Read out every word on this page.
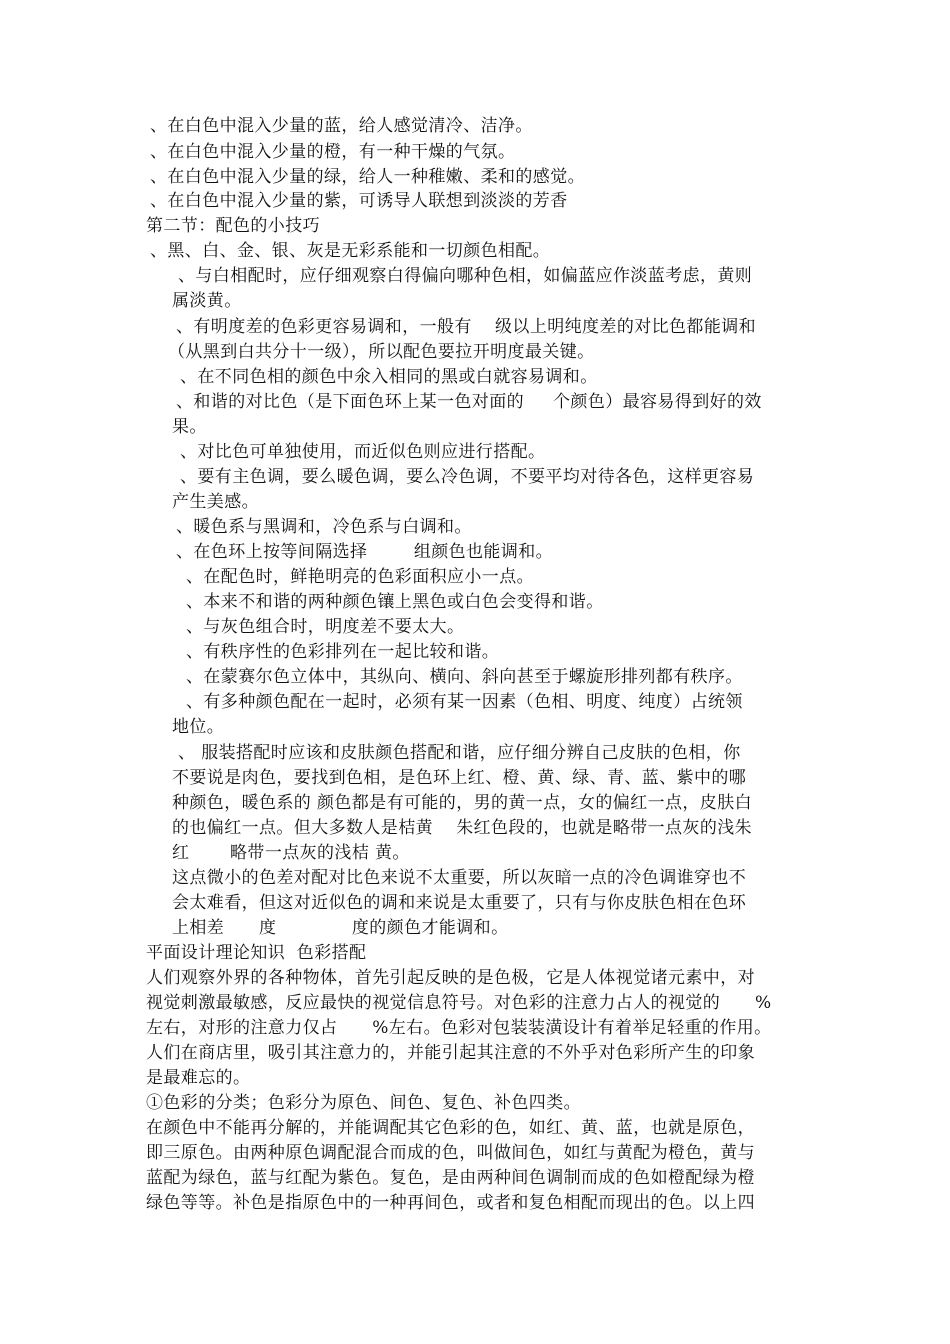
、在白色中混入少量的蓝，给人感觉清冷、洁净。
、在白色中混入少量的橙，有一种干燥的气氛。
、在白色中混入少量的绿，给人一种稚嫩、柔和的感觉。
、在白色中混入少量的紫，可诱导人联想到淡淡的芳香
第二节：配色的小技巧
、黑、白、金、银、灰是无彩系能和一切颜色相配。
、与白相配时，应仔细观察白得偏向哪种色相，如偏蓝应作淡蓝考虑，黄则
属淡黄。
、有明度差的色彩更容易调和，一般有    级以上明纯度差的对比色都能调和
（从黑到白共分十一级），所以配色要拉开明度最关键。
、在不同色相的颜色中氽入相同的黑或白就容易调和。
、和谐的对比色（是下面色环上某一色对面的     个颜色）最容易得到好的效
果。
、对比色可单独使用，而近似色则应进行搭配。
、要有主色调，要么暖色调，要么冷色调，不要平均对待各色，这样更容易
产生美感。
、暖色系与黑调和，冷色系与白调和。
、在色环上按等间隔选择        组颜色也能调和。
、在配色时，鲜艳明亮的色彩面积应小一点。
、本来不和谐的两种颜色镶上黑色或白色会变得和谐。
、与灰色组合时，明度差不要太大。
、有秩序性的色彩排列在一起比较和谐。
、在蒙赛尔色立体中，其纵向、横向、斜向甚至于螺旋形排列都有秩序。
、有多种颜色配在一起时，必须有某一因素（色相、明度、纯度）占统领
地位。
、 服装搭配时应该和皮肤颜色搭配和谐，应仔细分辨自己皮肤的色相，你
不要说是肉色，要找到色相，是色环上红、橙、黄、绿、青、蓝、紫中的哪
种颜色，暖色系的 颜色都是有可能的，男的黄一点，女的偏红一点，皮肤白
的也偏红一点。但大多数人是桔黄    朱红色段的，也就是略带一点灰的浅朱
红       略带一点灰的浅桔 黄。
这点微小的色差对配对比色来说不太重要，所以灰暗一点的冷色调谁穿也不
会太难看，但这对近似色的调和来说是太重要了，只有与你皮肤色相在色环
上相差      度             度的颜色才能调和。
平面设计理论知识  色彩搭配
人们观察外界的各种物体，首先引起反映的是色极，它是人体视觉诸元素中，对
视觉刺激最敏感，反应最快的视觉信息符号。对色彩的注意力占人的视觉的      %
左右，对形的注意力仅占      %左右。色彩对包装装潢设计有着举足轻重的作用。
人们在商店里，吸引其注意力的，并能引起其注意的不外乎对色彩所产生的印象
是最难忘的。
①色彩的分类；色彩分为原色、间色、复色、补色四类。
在颜色中不能再分解的，并能调配其它色彩的色，如红、黄、蓝，也就是原色，
即三原色。由两种原色调配混合而成的色，叫做间色，如红与黄配为橙色，黄与
蓝配为绿色，蓝与红配为紫色。复色，是由两种间色调制而成的色如橙配绿为橙
绿色等等。补色是指原色中的一种再间色，或者和复色相配而现出的色。以上四
